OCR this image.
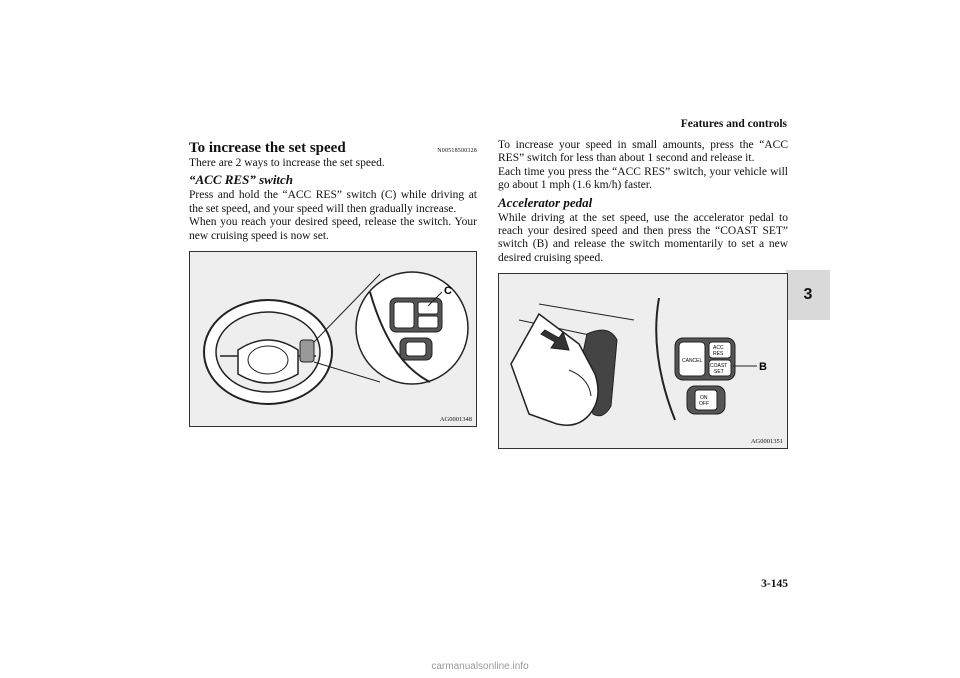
Features and controls
3
To increase the set speed	N00518500328

There are 2 ways to increase the set speed.

“ACC RES” switch

Press and hold the “ACC RES” switch (C) while driving at the set speed, and your speed will then gradually increase.

When you reach your desired speed, release the switch. Your new cruising speed is now set.

C
AG0001348

To increase your speed in small amounts, press the “ACC RES” switch for less than about 1 second and release it.

Each time you press the “ACC RES” switch, your vehicle will go about 1 mph (1.6 km/h) faster.

Accelerator pedal

While driving at the set speed, use the accelerator pedal to reach your desired speed and then press the “COAST SET” switch (B) and release the switch momentarily to set a new desired cruising speed.

CANCEL
ACC
RES
COAST
SET
ON
OFF
B
AG0001351
3-145
carmanualsonline.info
